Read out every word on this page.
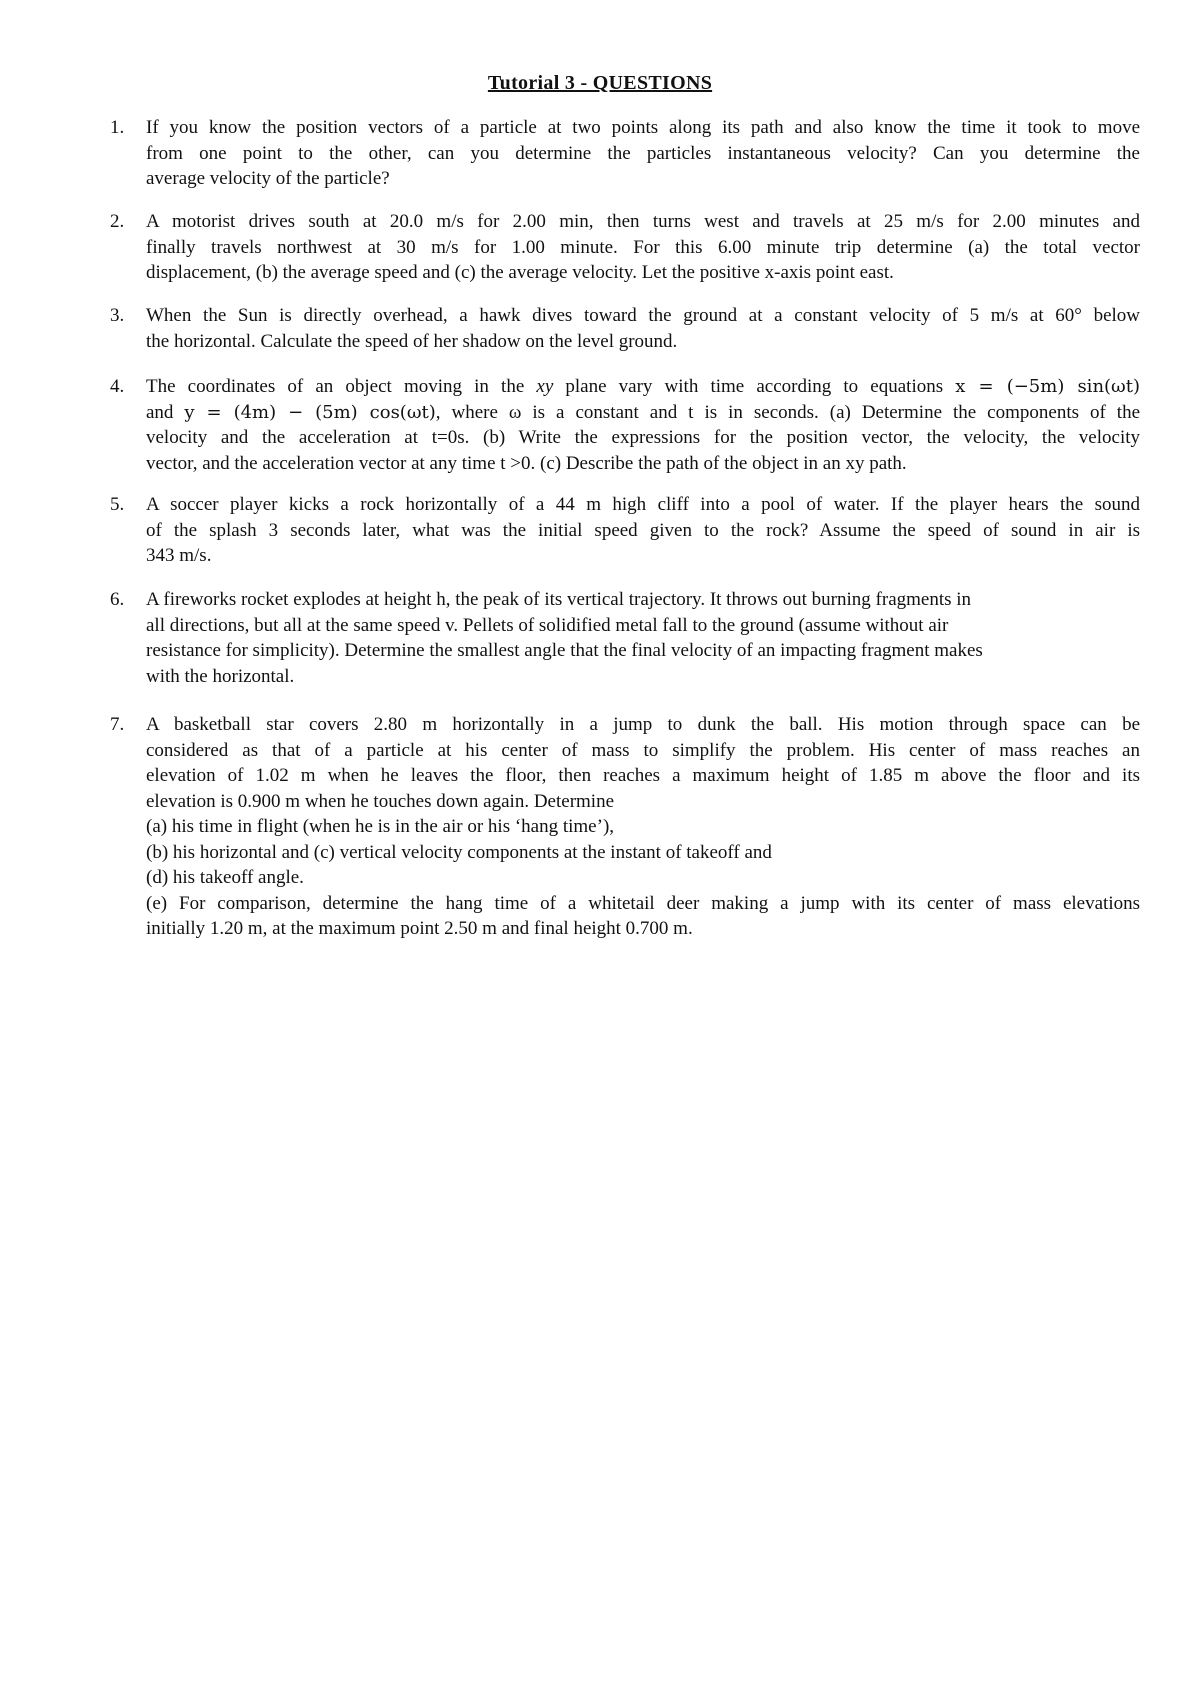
Tutorial 3 - QUESTIONS
1.	If you know the position vectors of a particle at two points along its path and also know the time it took to move
from one point to the other, can you determine the particles instantaneous velocity? Can you determine the
average velocity of the particle?
2.	A motorist drives south at 20.0 m/s for 2.00 min, then turns west and travels at 25 m/s for 2.00 minutes and
finally travels northwest at 30 m/s for 1.00 minute. For this 6.00 minute trip determine (a) the total vector
displacement, (b) the average speed and (c) the average velocity. Let the positive x-axis point east.
3.	When the Sun is directly overhead, a hawk dives toward the ground at a constant velocity of 5 m/s at 60° below
the horizontal. Calculate the speed of her shadow on the level ground.
4.	The coordinates of an object moving in the xy plane vary with time according to equations x = (−5m) sin(ωt)
and y = (4m) − (5m) cos(ωt), where ω is a constant and t is in seconds. (a) Determine the components of the
velocity and the acceleration at t=0s. (b) Write the expressions for the position vector, the velocity, the velocity
vector, and the acceleration vector at any time t >0. (c) Describe the path of the object in an xy path.
5.	A soccer player kicks a rock horizontally of a 44 m high cliff into a pool of water. If the player hears the sound
of the splash 3 seconds later, what was the initial speed given to the rock? Assume the speed of sound in air is
343 m/s.
6.	A fireworks rocket explodes at height h, the peak of its vertical trajectory. It throws out burning fragments in
all directions, but all at the same speed v. Pellets of solidified metal fall to the ground (assume without air
resistance for simplicity). Determine the smallest angle that the final velocity of an impacting fragment makes
with the horizontal.
7.	A basketball star covers 2.80 m horizontally in a jump to dunk the ball. His motion through space can be
considered as that of a particle at his center of mass to simplify the problem. His center of mass reaches an
elevation of 1.02 m when he leaves the floor, then reaches a maximum height of 1.85 m above the floor and its
elevation is 0.900 m when he touches down again. Determine
(a) his time in flight (when he is in the air or his ‘hang time’),
(b) his horizontal and (c) vertical velocity components at the instant of takeoff and
(d) his takeoff angle.
(e) For comparison, determine the hang time of a whitetail deer making a jump with its center of mass elevations
initially 1.20 m, at the maximum point 2.50 m and final height 0.700 m.
